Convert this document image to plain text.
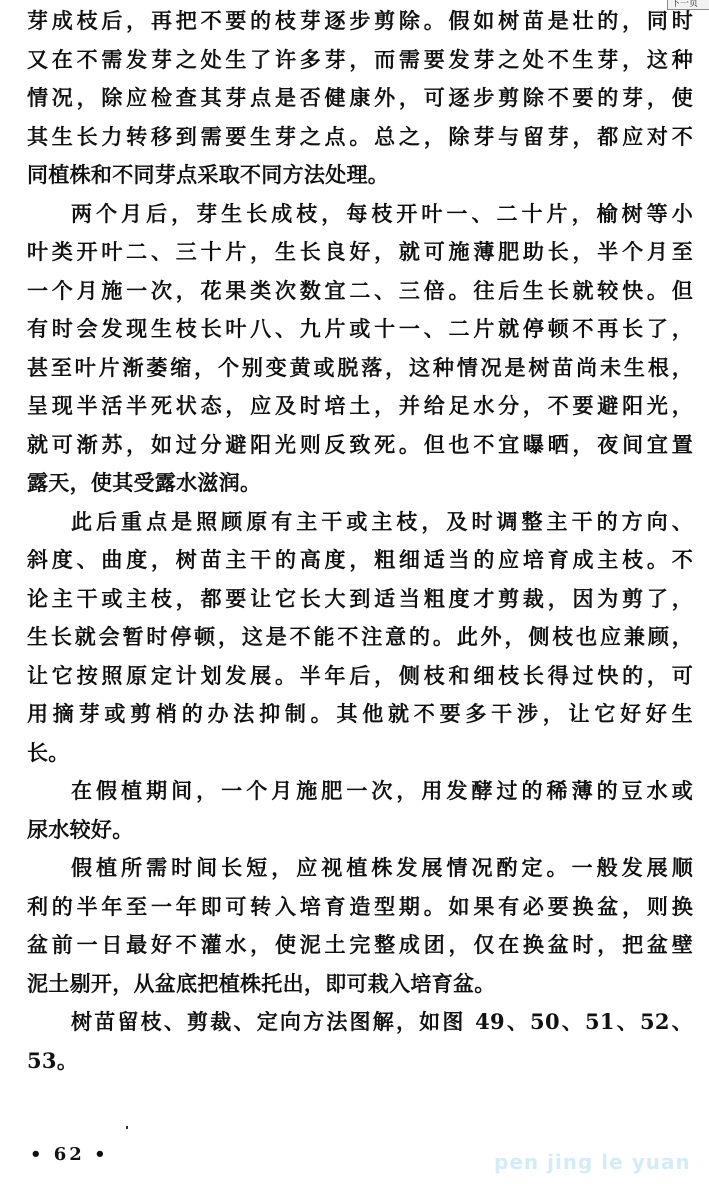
下一页
芽成枝后，再把不要的枝芽逐步剪除。假如树苗是壮的，同时
又在不需发芽之处生了许多芽，而需要发芽之处不生芽，这种
情况，除应检查其芽点是否健康外，可逐步剪除不要的芽，使
其生长力转移到需要生芽之点。总之，除芽与留芽，都应对不
同植株和不同芽点采取不同方法处理。
两个月后，芽生长成枝，每枝开叶一、二十片，榆树等小
叶类开叶二、三十片，生长良好，就可施薄肥助长，半个月至
一个月施一次，花果类次数宜二、三倍。往后生长就较快。但
有时会发现生枝长叶八、九片或十一、二片就停顿不再长了，
甚至叶片渐萎缩，个别变黄或脱落，这种情况是树苗尚未生根，
呈现半活半死状态，应及时培土，并给足水分，不要避阳光，
就可渐苏，如过分避阳光则反致死。但也不宜曝晒，夜间宜置
露天，使其受露水滋润。
此后重点是照顾原有主干或主枝，及时调整主干的方向、
斜度、曲度，树苗主干的高度，粗细适当的应培育成主枝。不
论主干或主枝，都要让它长大到适当粗度才剪裁，因为剪了，
生长就会暂时停顿，这是不能不注意的。此外，侧枝也应兼顾，
让它按照原定计划发展。半年后，侧枝和细枝长得过快的，可
用摘芽或剪梢的办法抑制。其他就不要多干涉，让它好好生
长。
在假植期间，一个月施肥一次，用发酵过的稀薄的豆水或
尿水较好。
假植所需时间长短，应视植株发展情况酌定。一般发展顺
利的半年至一年即可转入培育造型期。如果有必要换盆，则换
盆前一日最好不灌水，使泥土完整成团，仅在换盆时，把盆壁
泥土剔开，从盆底把植株托出，即可栽入培育盆。
树苗留枝、剪裁、定向方法图解，如图 49、50、51、52、
53。
• 62 •	pen jing le yuan
